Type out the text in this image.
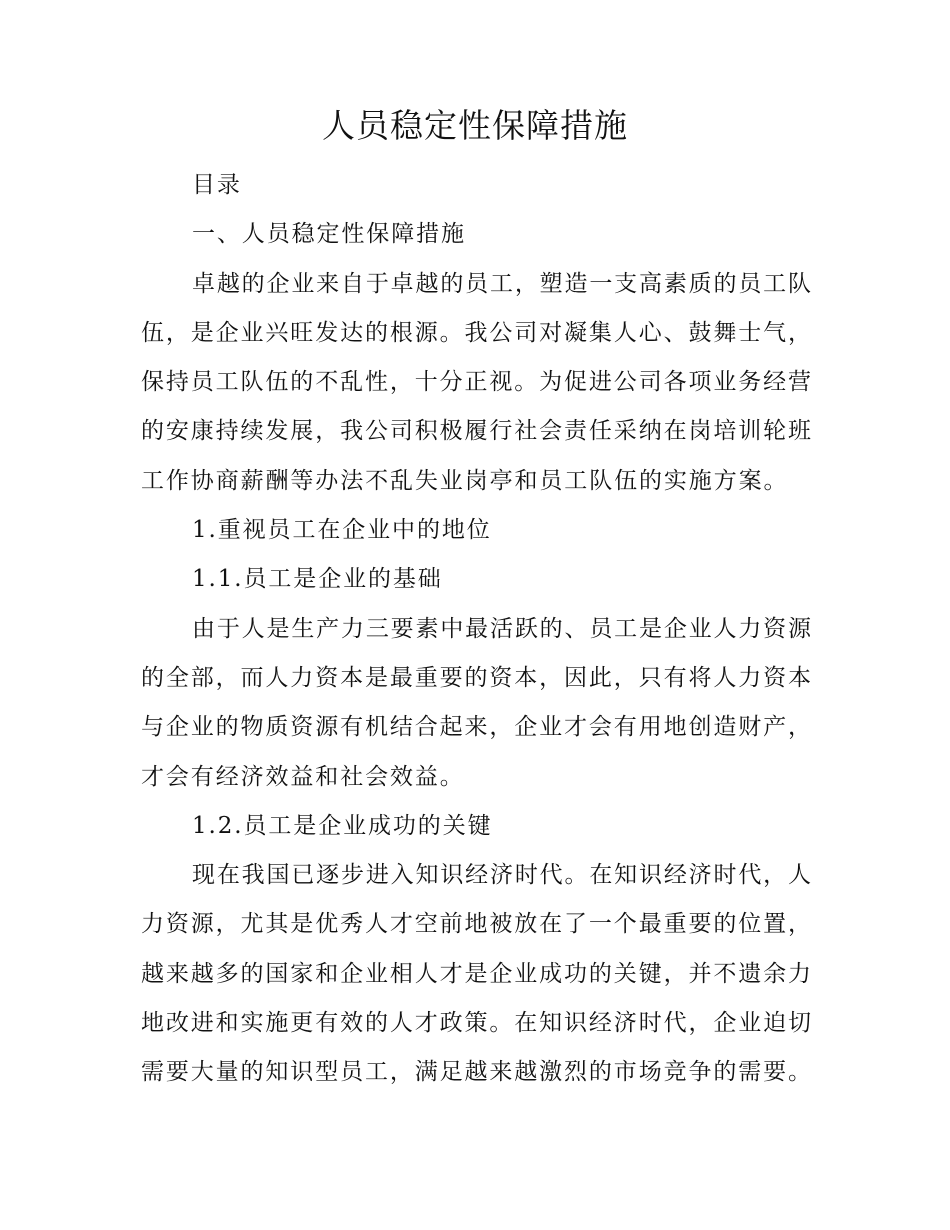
人员稳定性保障措施

目录

一、人员稳定性保障措施

卓越的企业来自于卓越的员工，塑造一支高素质的员工队

伍，是企业兴旺发达的根源。我公司对凝集人心、鼓舞士气，

保持员工队伍的不乱性，十分正视。为促进公司各项业务经营

的安康持续发展，我公司积极履行社会责任采纳在岗培训轮班

工作协商薪酬等办法不乱失业岗亭和员工队伍的实施方案。

1.重视员工在企业中的地位

1.1.员工是企业的基础

由于人是生产力三要素中最活跃的、员工是企业人力资源

的全部，而人力资本是最重要的资本，因此，只有将人力资本

与企业的物质资源有机结合起来，企业才会有用地创造财产，

才会有经济效益和社会效益。

1.2.员工是企业成功的关键

现在我国已逐步进入知识经济时代。在知识经济时代，人

力资源，尤其是优秀人才空前地被放在了一个最重要的位置，

越来越多的国家和企业相人才是企业成功的关键，并不遗余力

地改进和实施更有效的人才政策。在知识经济时代，企业迫切

需要大量的知识型员工，满足越来越激烈的市场竞争的需要。
